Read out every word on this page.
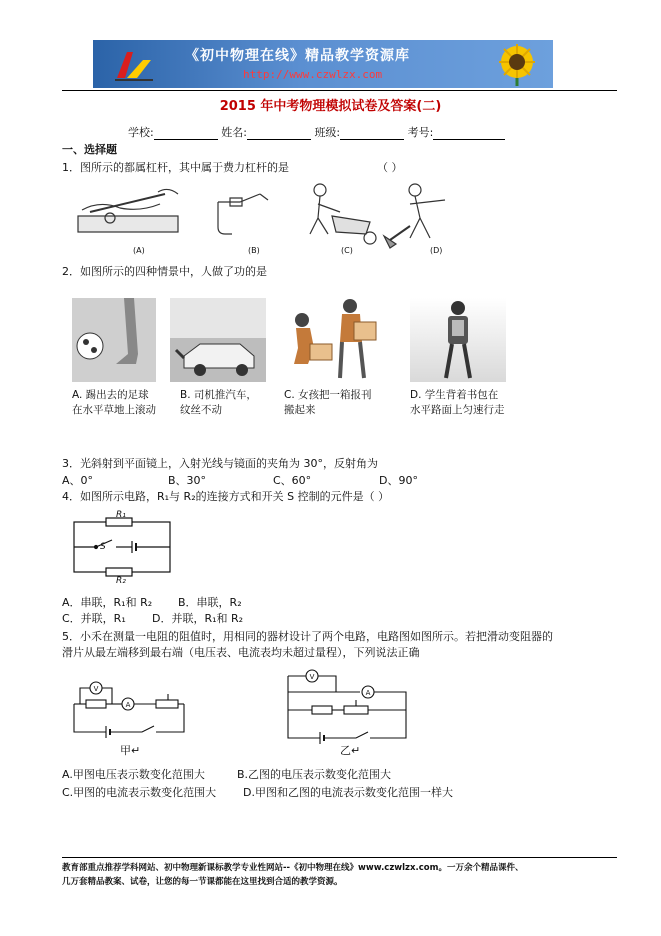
《初中物理在线》精品教学资源库
http://www.czwlzx.com
2015 年中考物理模拟试卷及答案(二)
学校:	姓名:	班级:	考号:
一、选择题
1．图所示的都属杠杆，其中属于费力杠杆的是	（ ）
(A)	(B)	(C)	(D)
2．如图所示的四种情景中，人做了功的是
A. 踢出去的足球
在水平草地上滚动
B. 司机推汽车，
纹丝不动
C. 女孩把一箱报刊
搬起来
D. 学生背着书包在
水平路面上匀速行走
3．光斜射到平面镜上，入射光线与镜面的夹角为 30°，反射角为
A、0°	B、30°	C、60°	D、90°
4．如图所示电路，R₁与 R₂的连接方式和开关 S 控制的元件是（ ）
R₁
S
R₂
A．串联，R₁和 R₂ B．串联，R₂
C．并联，R₁ D．并联，R₁和 R₂
5．小禾在测量一电阻的阻值时，用相同的器材设计了两个电路，电路图如图所示。若把滑动变阻器的
滑片从最左端移到最右端（电压表、电流表均未超过量程），下列说法正确
V
A
甲↵
V
A
乙↵
A.甲图电压表示数变化范围大	B.乙图的电压表示数变化范围大
C.甲图的电流表示数变化范围大 D.甲图和乙图的电流表示数变化范围一样大
教育部重点推荐学科网站、初中物理新课标教学专业性网站--《初中物理在线》www.czwlzx.com。一万余个精品课件、
几万套精品教案、试卷，让您的每一节课都能在这里找到合适的教学资源。
